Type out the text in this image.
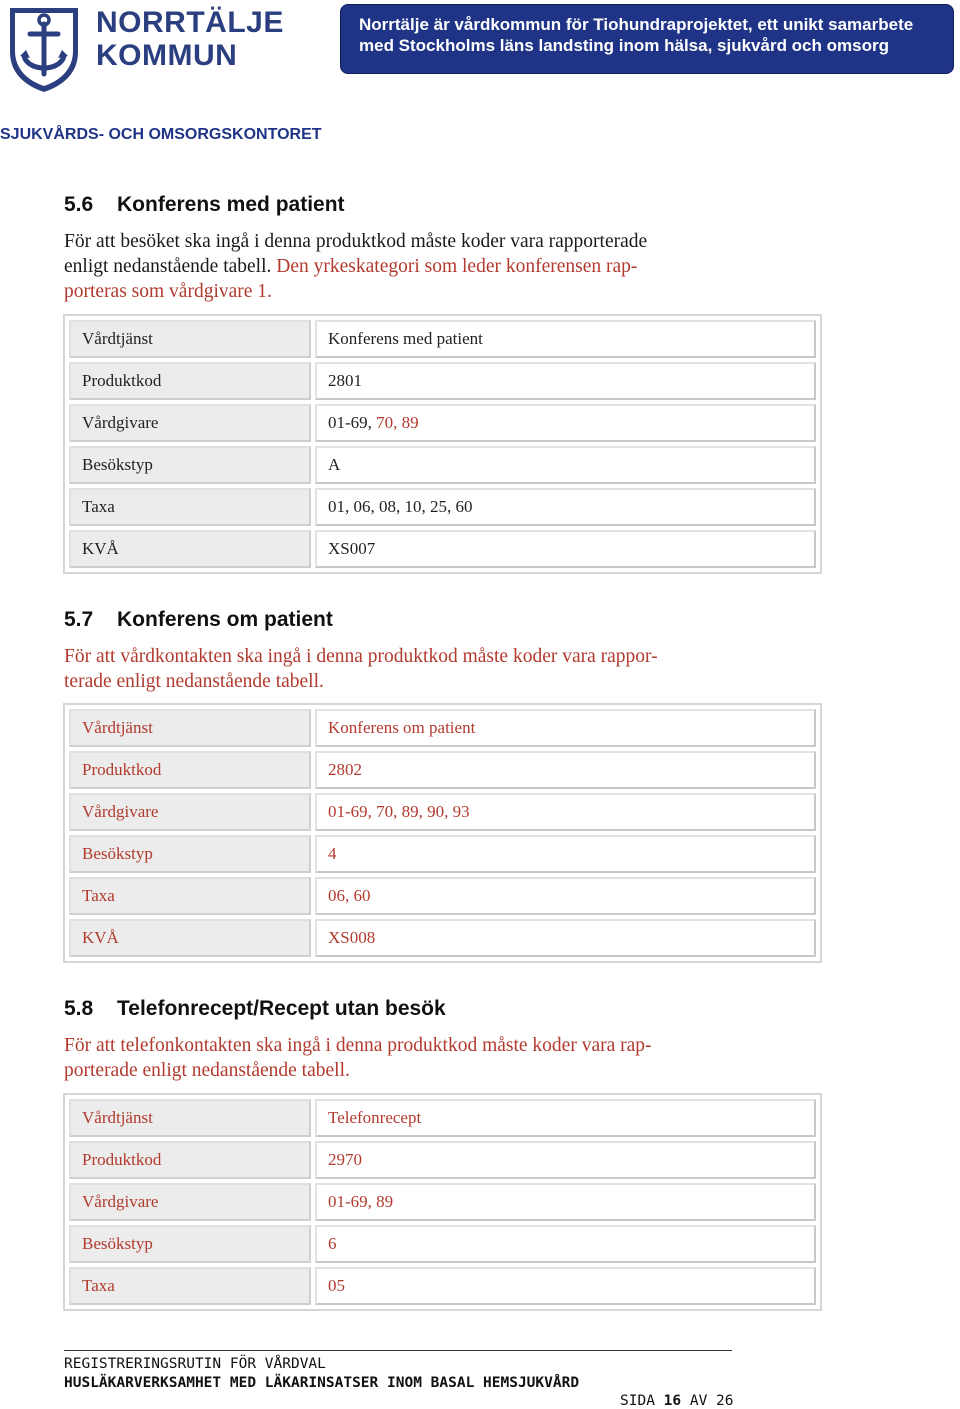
NORRTÄLJE
KOMMUN
Norrtälje är vårdkommun för Tiohundraprojektet, ett unikt samarbete
med Stockholms läns landsting inom hälsa, sjukvård och omsorg
SJUKVÅRDS- OCH OMSORGSKONTORET
5.6 Konferens med patient
För att besöket ska ingå i denna produktkod måste koder vara rapporterade
enligt nedanstående tabell. Den yrkeskategori som leder konferensen rap-
porteras som vårdgivare 1.
Vårdtjänst	Konferens med patient
Produktkod	2801
Vårdgivare	01-69, 70, 89
Besökstyp	A
Taxa	01, 06, 08, 10, 25, 60
KVÅ	XS007
5.7 Konferens om patient
För att vårdkontakten ska ingå i denna produktkod måste koder vara rappor-
terade enligt nedanstående tabell.
Vårdtjänst	Konferens om patient
Produktkod	2802
Vårdgivare	01-69, 70, 89, 90, 93
Besökstyp	4
Taxa	06, 60
KVÅ	XS008
5.8 Telefonrecept/Recept utan besök
För att telefonkontakten ska ingå i denna produktkod måste koder vara rap-
porterade enligt nedanstående tabell.
Vårdtjänst	Telefonrecept
Produktkod	2970
Vårdgivare	01-69, 89
Besökstyp	6
Taxa	05
REGISTRERINGSRUTIN FÖR VÅRDVAL
HUSLÄKARVERKSAMHET MED LÄKARINSATSER INOM BASAL HEMSJUKVÅRD
SIDA 16 AV 26
